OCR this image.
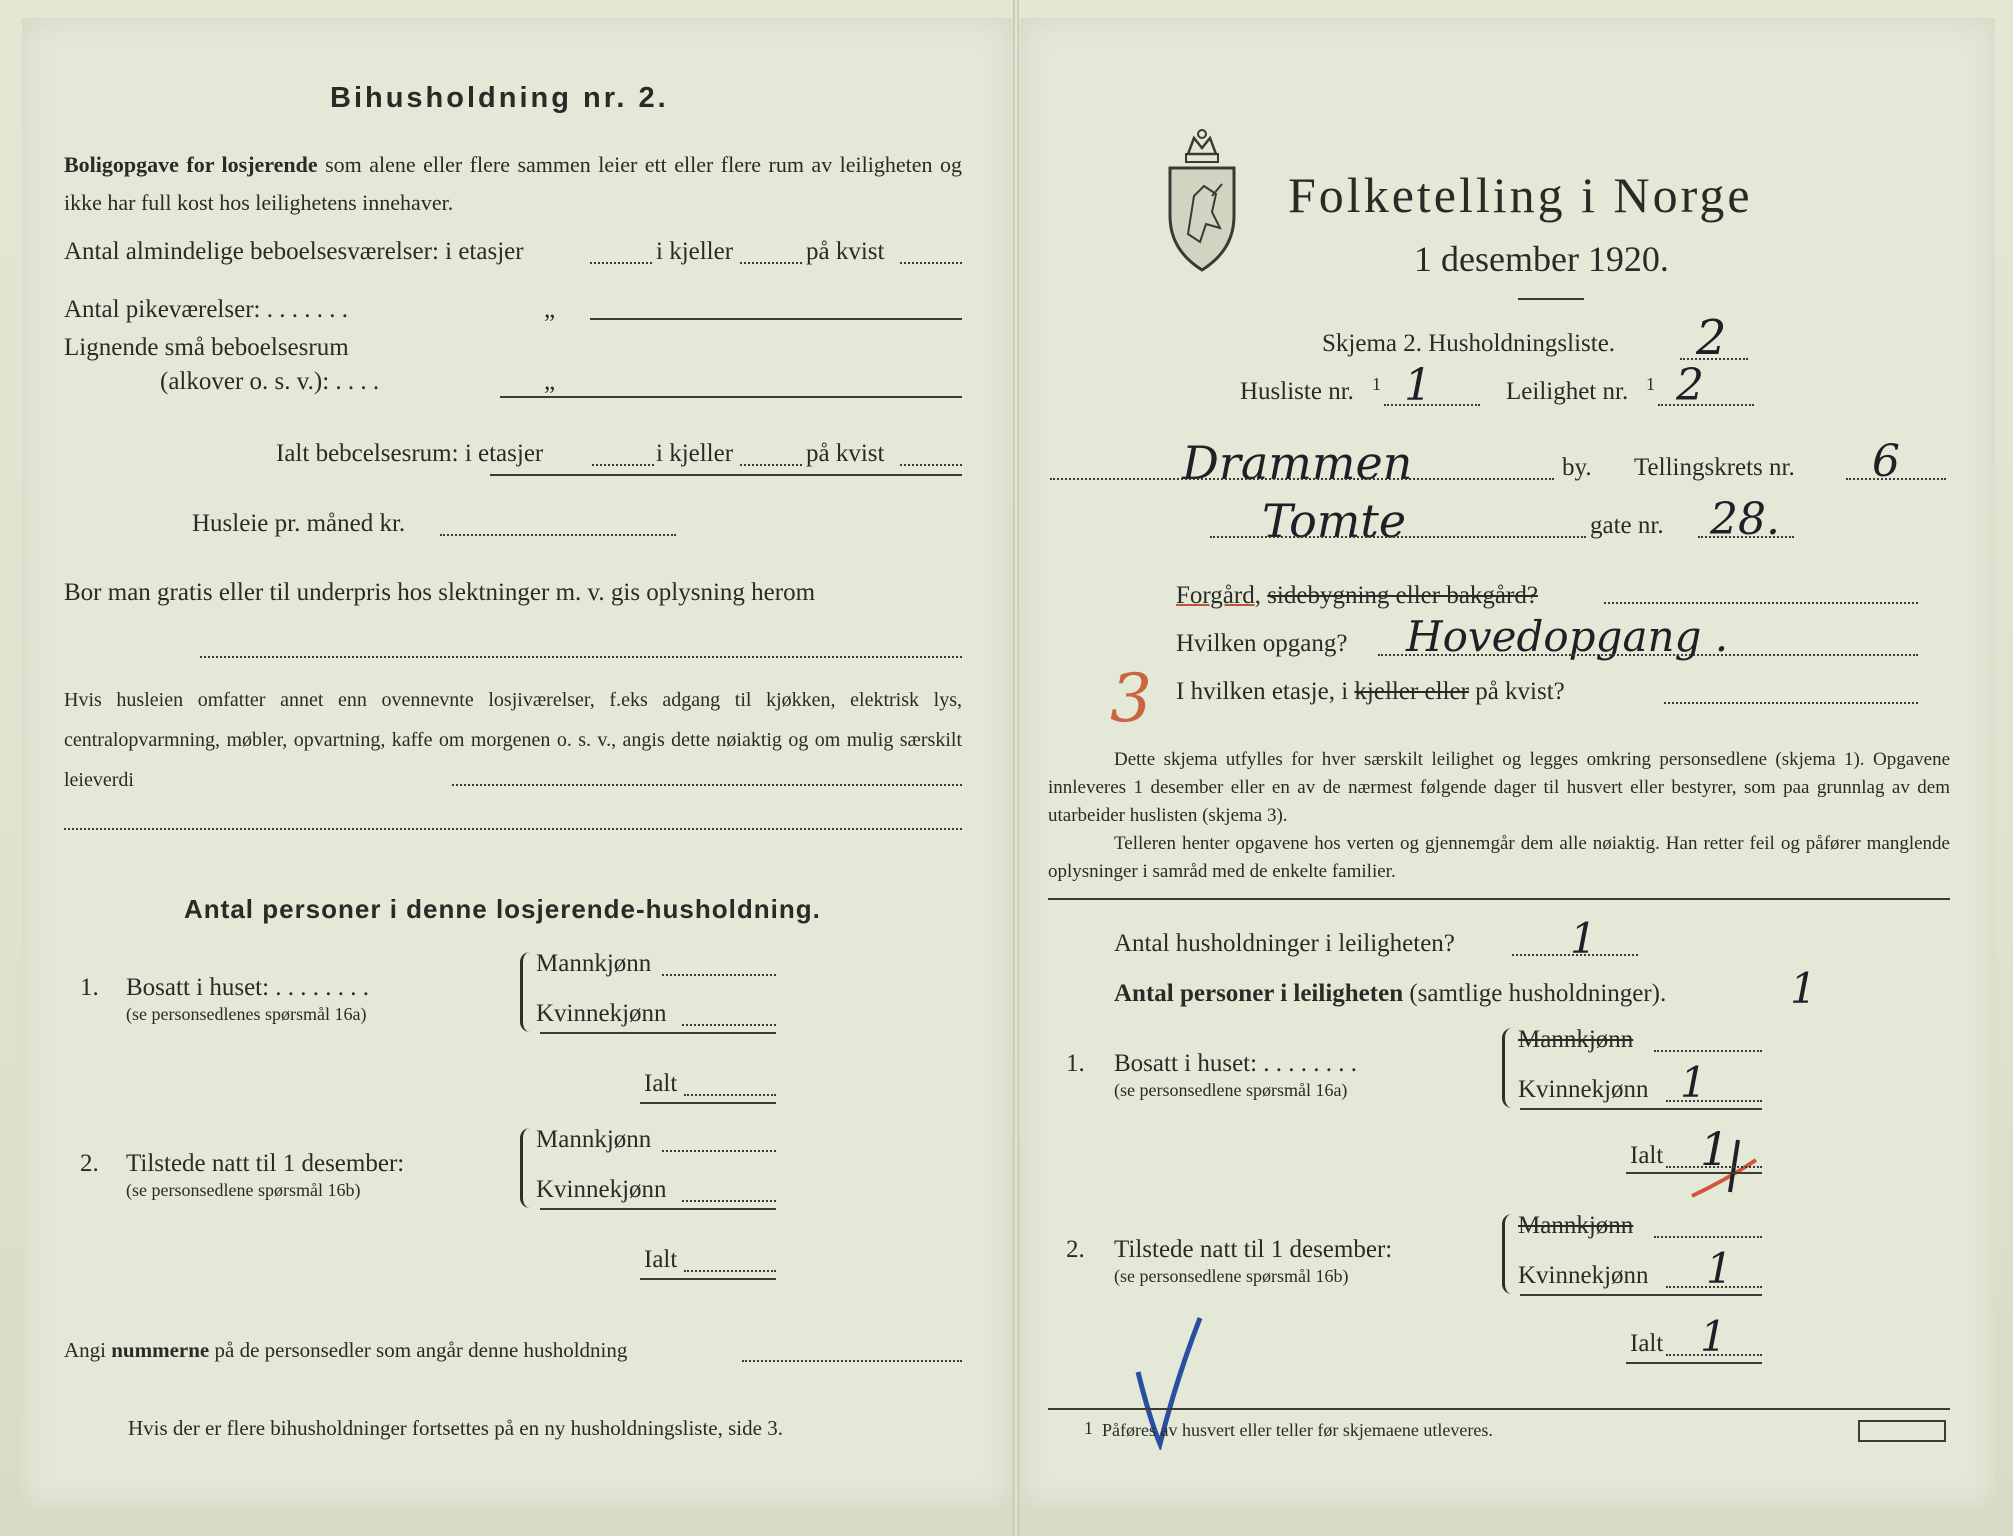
Bihusholdning nr. 2.
Boligopgave for losjerende som alene eller flere sammen leier ett eller flere rum av leiligheten og ikke har full kost hos leilighetens innehaver.
Antal almindelige beboelsesværelser: i etasjer	i kjeller	på kvist
Antal pikeværelser: . . . . . . .	„
Lignende små beboelsesrum
(alkover o. s. v.): . . . .	„
Ialt bebcelsesrum: i etasjer	i kjeller	på kvist
Husleie pr. måned kr.
Bor man gratis eller til underpris hos slektninger m. v. gis oplysning herom
Hvis husleien omfatter annet enn ovennevnte losjiværelser, f.eks adgang til kjøkken, elektrisk lys, centralopvarmning, møbler, opvartning, kaffe om morgenen o. s. v., angis dette nøiaktig og om mulig særskilt leieverdi
Antal personer i denne losjerende-husholdning.
1. Bosatt i huset: . . . . . . . .
(se personsedlenes spørsmål 16a)
Mannkjønn
Kvinnekjønn
Ialt
2. Tilstede natt til 1 desember:
(se personsedlene spørsmål 16b)
Mannkjønn
Kvinnekjønn
Ialt
Angi nummerne på de personsedler som angår denne husholdning
Hvis der er flere bihusholdninger fortsettes på en ny husholdningsliste, side 3.
Folketelling i Norge
1 desember 1920.
Skjema 2. Husholdningsliste. 2
Husliste nr. 1 1	Leilighet nr. 1 2
Drammen	by. Tellingskrets nr. 6
Tomte	gate nr. 28.
Forgård, sidebygning eller bakgård?
Hvilken opgang? Hovedopgang .
3 I hvilken etasje, i kjeller eller på kvist?
Dette skjema utfylles for hver særskilt leilighet og legges omkring personsedlene (skjema 1). Opgavene innleveres 1 desember eller en av de nærmest følgende dager til husvert eller bestyrer, som paa grunnlag av dem utarbeider huslisten (skjema 3).
Telleren henter opgavene hos verten og gjennemgår dem alle nøiaktig. Han retter feil og påfører manglende oplysninger i samråd med de enkelte familier.
Antal husholdninger i leiligheten?	1
Antal personer i leiligheten (samtlige husholdninger).	1
1. Bosatt i huset: . . . . . . . .
(se personsedlene spørsmål 16a)
Mannkjønn
Kvinnekjønn 1
Ialt 1
2. Tilstede natt til 1 desember:
(se personsedlene spørsmål 16b)
Mannkjønn
Kvinnekjønn 1
Ialt 1
1 Påføres av husvert eller teller før skjemaene utleveres.
